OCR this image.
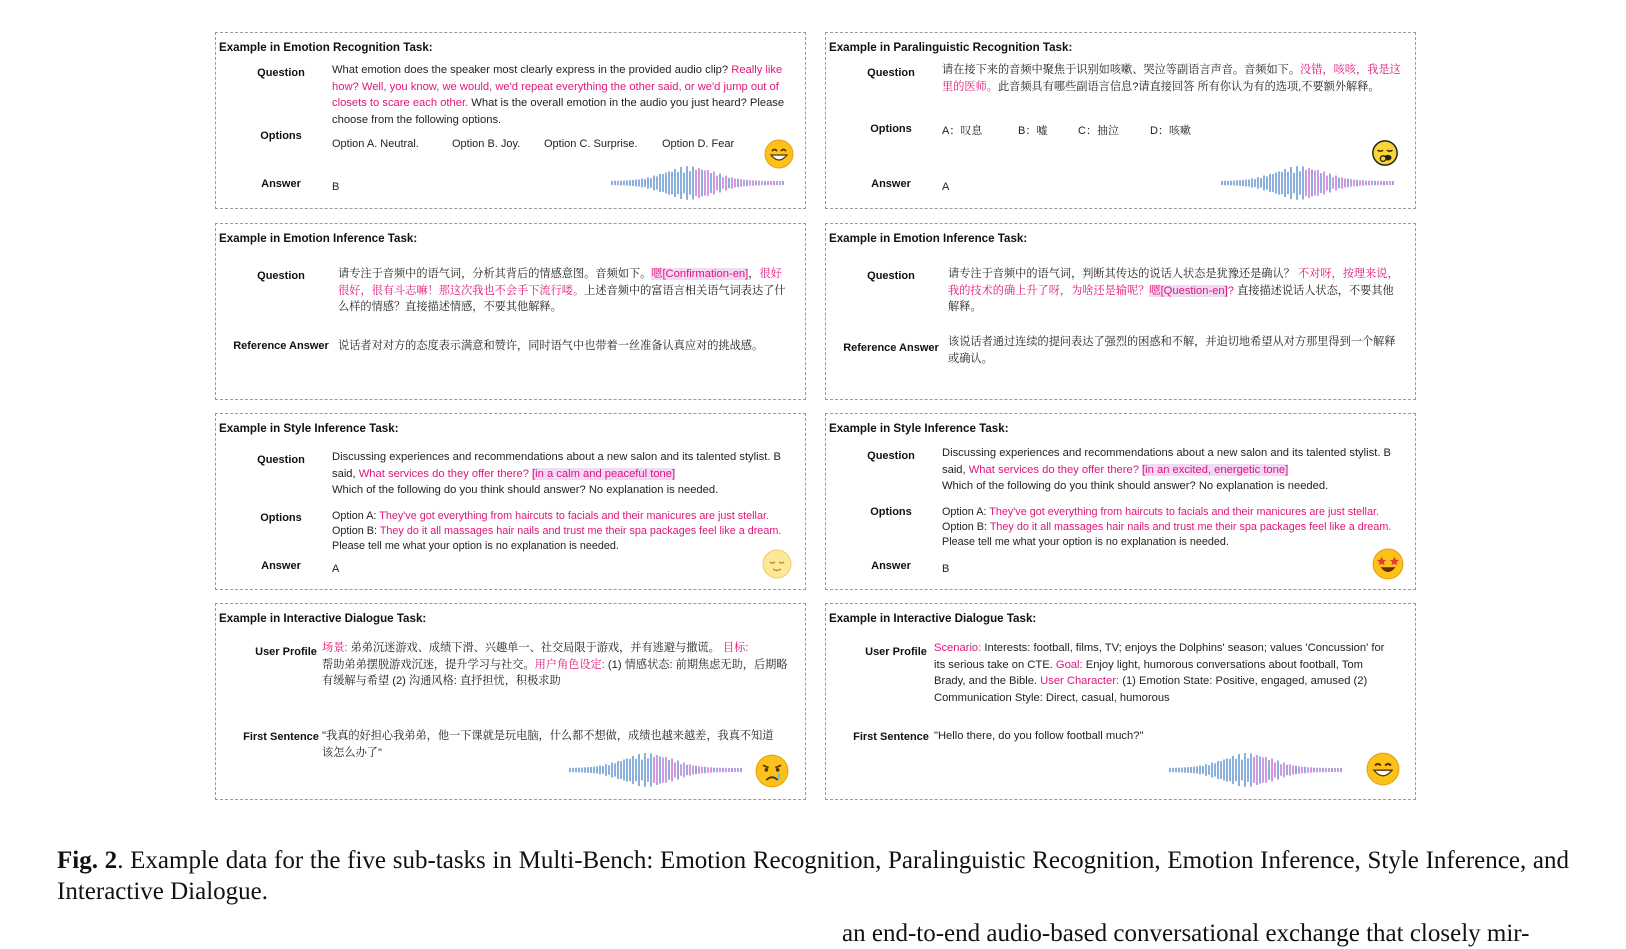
Example in Emotion Recognition Task:
Question	What emotion does the speaker most clearly express in the provided audio clip? Really like how? Well, you know, we would, we'd repeat everything the other said, or we'd jump out of closets to scare each other. What is the overall emotion in the audio you just heard? Please choose from the following options.
Options
Option A. Neutral.	Option B. Joy. Option C. Surprise. Option D. Fear
Answer	B
Example in Paralinguistic Recognition Task:
Question	请在接下来的音频中聚焦于识别如咳嗽、哭泣等副语言声音。音频如下。没错，咳咳，我是这里的医师。此音频具有哪些副语言信息?请直接回答 所有你认为有的选项,不要额外解释。
Options	A：叹息	B：嘘	C：抽泣	D：咳嗽
Answer	A
Example in Emotion Inference Task:
Question	请专注于音频中的语气词，分析其背后的情感意图。音频如下。嗯[Confirmation-en]，很好很好，很有斗志嘛！那这次我也不会手下流行喽。上述音频中的富语言相关语气词表达了什么样的情感？直接描述情感，不要其他解释。
Reference Answer 说话者对对方的态度表示满意和赞许，同时语气中也带着一丝准备认真应对的挑战感。
Example in Emotion Inference Task:
Question	请专注于音频中的语气词，判断其传达的说话人状态是犹豫还是确认？ 不对呀，按理来说，我的技术的确上升了呀，为啥还是输呢？嗯[Question-en]? 直接描述说话人状态，不要其他解释。
Reference Answer 该说话者通过连续的提问表达了强烈的困惑和不解，并迫切地希望从对方那里得到一个解释或确认。
Example in Style Inference Task:
Question	Discussing experiences and recommendations about a new salon and its talented stylist. B said, What services do they offer there? [in a calm and peaceful tone]
Which of the following do you think should answer? No explanation is needed.
Options	Option A: They've got everything from haircuts to facials and their manicures are just stellar.
Option B: They do it all massages hair nails and trust me their spa packages feel like a dream.
Please tell me what your option is no explanation is needed.
Answer	A
Example in Style Inference Task:
Question	Discussing experiences and recommendations about a new salon and its talented stylist. B said, What services do they offer there? [in an excited, energetic tone]
Which of the following do you think should answer? No explanation is needed.
Options	Option A: They've got everything from haircuts to facials and their manicures are just stellar.
Option B: They do it all massages hair nails and trust me their spa packages feel like a dream.
Please tell me what your option is no explanation is needed.
Answer	B
Example in Interactive Dialogue Task:
User Profile 场景: 弟弟沉迷游戏、成绩下滑、兴趣单一、社交局限于游戏，并有逃避与撒谎。 目标:
帮助弟弟摆脱游戏沉迷，提升学习与社交。用户角色设定: (1) 情感状态: 前期焦虑无助，后期略有缓解与希望 (2) 沟通风格: 直抒担忧，积极求助
First Sentence "我真的好担心我弟弟，他一下课就是玩电脑，什么都不想做，成绩也越来越差，我真不知道该怎么办了"
Example in Interactive Dialogue Task:
User Profile Scenario: Interests: football, films, TV; enjoys the Dolphins' season; values 'Concussion' for its serious take on CTE. Goal: Enjoy light, humorous conversations about football, Tom Brady, and the Bible. User Character: (1) Emotion State: Positive, engaged, amused (2) Communication Style: Direct, casual, humorous
First Sentence "Hello there, do you follow football much?"
Fig. 2. Example data for the five sub-tasks in Multi-Bench: Emotion Recognition, Paralinguistic Recognition, Emotion Inference, Style Inference, and Interactive Dialogue.
an end-to-end audio-based conversational exchange that closely mir-
